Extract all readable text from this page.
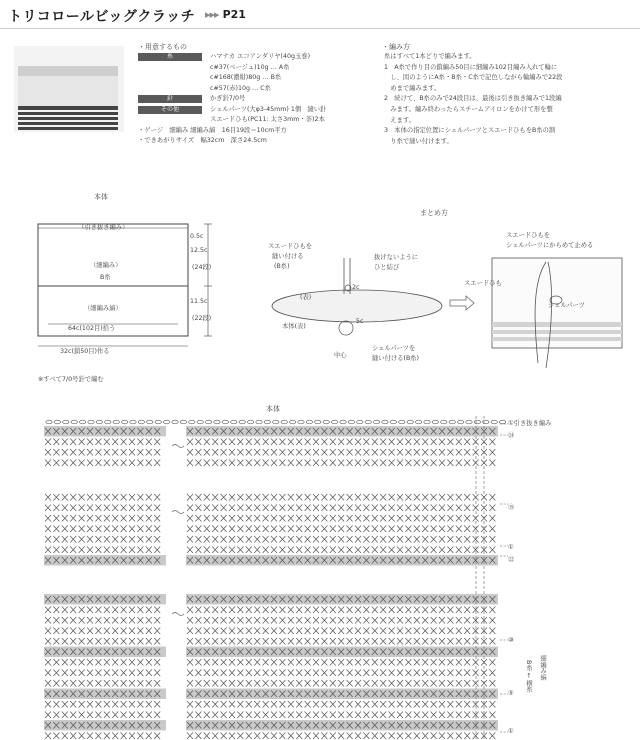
トリコロールビッグクラッチ ▸▸▸ P21
・用意するもの
糸	ハマナカ エコアンダリヤ(40g玉巻)
c#37(ベージュ)10g … A糸
c#168(濃紺)80g … B糸
c#57(赤)10g … C糸
針	かぎ針7/0号
その他	シェルパーツ(大φ3-45mm) 1個　縫い針
スエードひも(PC11: 太さ3mm・茶)2本
・ゲージ　細編み 細編み縞　16目19段＝10cm平方
・できあがりサイズ　幅32cm　深さ24.5cm
・編み方
糸はすべて1本どりで編みます。
1　A糸で作り目の鎖編み50目に細編み102目編み入れて輪に
　し、図のようにA糸・B糸・C糸で記色しながら輪編みで22段
　めまで編みます。
2　続けて、B糸のみで24段目は、最後は引き抜き編みで1段編
　みます。編み終わったらスチームアイロンをかけて形を整
　えます。
3　本体の指定位置にシェルパーツとスエードひもをB糸の割
　り糸で縫い付けます。
本体
（引き抜き編み）
（細編み）
B糸
（細編み縞）
64c(102目)拾う
32c(鎖50目)作る
0.5c
12.5c
(24段)
11.5c
(22段)
※すべて7/0号針で編む
まとめ方
スエードひもを
縫い付ける
(B糸)
抜けないように
ひと結び
(表)
2c
5c
本体(表)
中心
シェルパーツを
縫い付ける(B糸)
スエードひもを
シェルパーツにからめて止める
スエードひも
シェルパーツ
本体
①引き抜き編み
㉔
⑮
①
㉒
⑩
⑤
①
細編み縞
B糸 ← 横糸
